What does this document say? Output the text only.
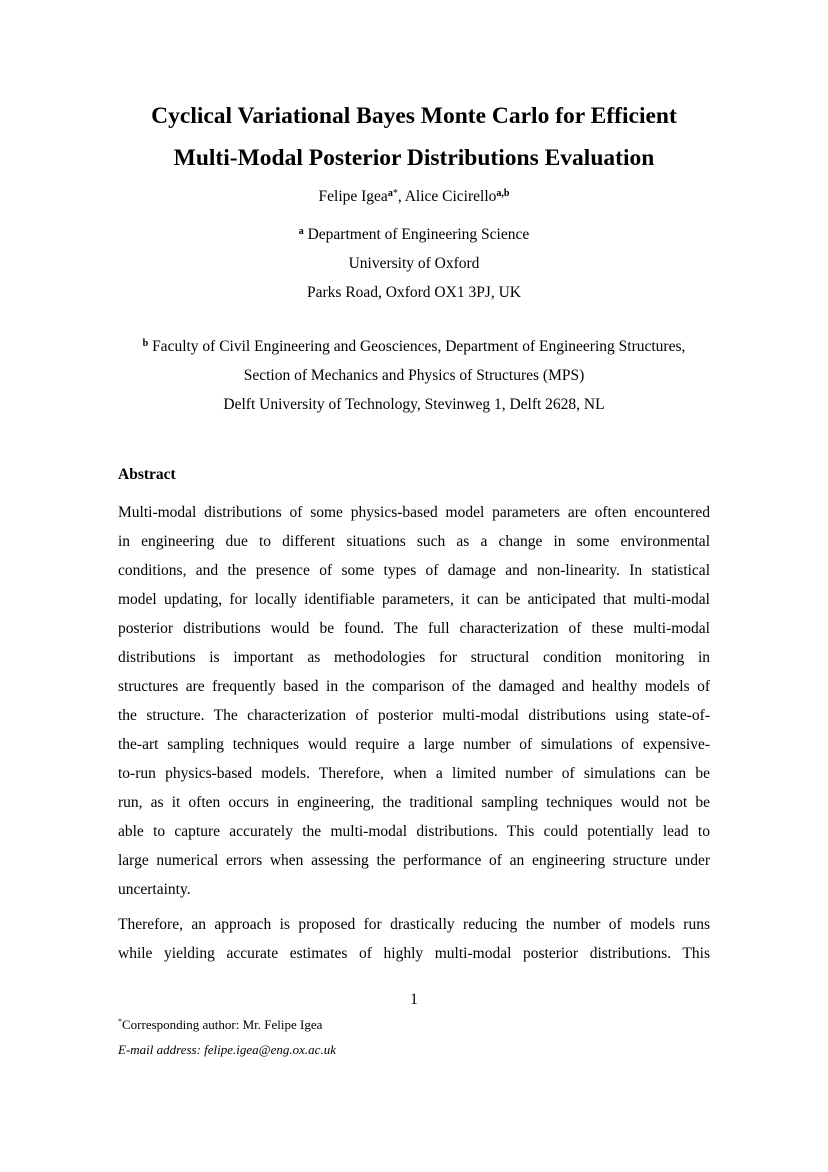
Cyclical Variational Bayes Monte Carlo for Efficient
Multi-Modal Posterior Distributions Evaluation
Felipe Igea$^{a*}$, Alice Cicirello$^{a,b}$
$^a$ Department of Engineering Science
University of Oxford
Parks Road, Oxford OX1 3PJ, UK
$^b$ Faculty of Civil Engineering and Geosciences, Department of Engineering Structures,
Section of Mechanics and Physics of Structures (MPS)
Delft University of Technology, Stevinweg 1, Delft 2628, NL
Abstract
Multi-modal distributions of some physics-based model parameters are often encountered
in engineering due to different situations such as a change in some environmental
conditions, and the presence of some types of damage and non-linearity. In statistical
model updating, for locally identifiable parameters, it can be anticipated that multi-modal
posterior distributions would be found. The full characterization of these multi-modal
distributions is important as methodologies for structural condition monitoring in
structures are frequently based in the comparison of the damaged and healthy models of
the structure. The characterization of posterior multi-modal distributions using state-of-
the-art sampling techniques would require a large number of simulations of expensive-
to-run physics-based models. Therefore, when a limited number of simulations can be
run, as it often occurs in engineering, the traditional sampling techniques would not be
able to capture accurately the multi-modal distributions. This could potentially lead to
large numerical errors when assessing the performance of an engineering structure under
uncertainty.
Therefore, an approach is proposed for drastically reducing the number of models runs
while yielding accurate estimates of highly multi-modal posterior distributions. This
1
*Corresponding author: Mr. Felipe Igea
E-mail address: felipe.igea@eng.ox.ac.uk
